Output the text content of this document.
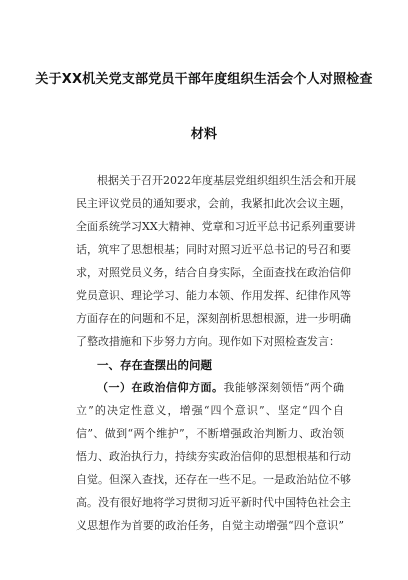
关于XX机关党支部党员干部年度组织生活会个人对照检查
材料
根据关于召开2022年度基层党组织组织生活会和开展
民主评议党员的通知要求，会前，我紧扣此次会议主题，
全面系统学习XX大精神、党章和习近平总书记系列重要讲
话，筑牢了思想根基；同时对照习近平总书记的号召和要
求，对照党员义务，结合自身实际，全面查找在政治信仰
党员意识、理论学习、能力本领、作用发挥、纪律作风等
方面存在的问题和不足，深刻剖析思想根源，进一步明确
了整改措施和下步努力方向。现作如下对照检查发言：
一、存在查摆出的问题
（一）在政治信仰方面。我能够深刻领悟“两个确
立”的决定性意义，增强“四个意识”、坚定“四个自
信”、做到“两个维护”，不断增强政治判断力、政治领
悟力、政治执行力，持续夯实政治信仰的思想根基和行动
自觉。但深入查找，还存在一些不足。一是政治站位不够
高。没有很好地将学习贯彻习近平新时代中国特色社会主
义思想作为首要的政治任务，自觉主动增强“四个意识”
